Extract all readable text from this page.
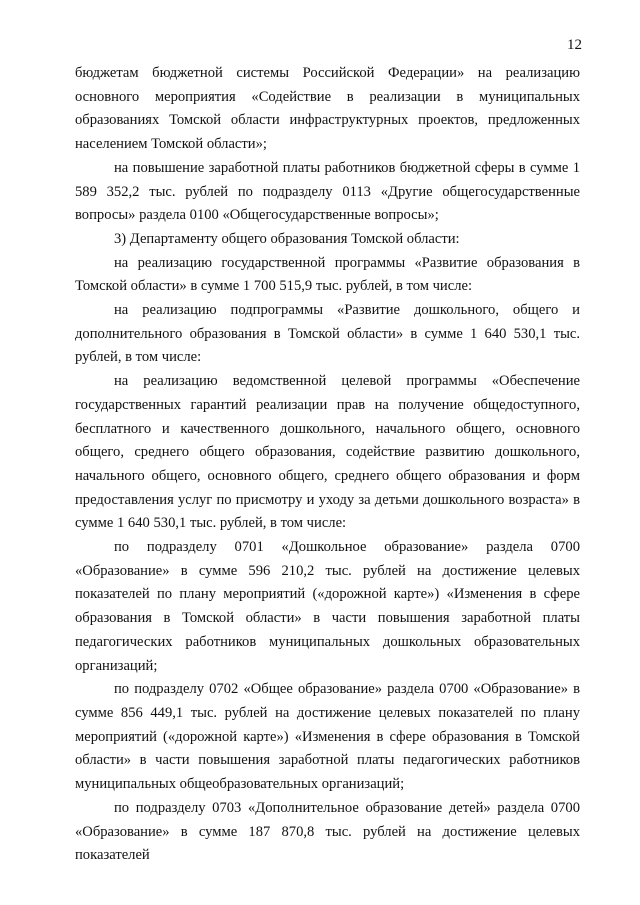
12

бюджетам бюджетной системы Российской Федерации» на реализацию основного мероприятия «Содействие в реализации в муниципальных образованиях Томской области инфраструктурных проектов, предложенных населением Томской области»;

на повышение заработной платы работников бюджетной сферы в сумме 1 589 352,2 тыс. рублей по подразделу 0113 «Другие общегосударственные вопросы» раздела 0100 «Общегосударственные вопросы»;

3) Департаменту общего образования Томской области:

на реализацию государственной программы «Развитие образования в Томской области» в сумме 1 700 515,9 тыс. рублей, в том числе:

на реализацию подпрограммы «Развитие дошкольного, общего и дополнительного образования в Томской области» в сумме 1 640 530,1 тыс. рублей, в том числе:

на реализацию ведомственной целевой программы «Обеспечение государственных гарантий реализации прав на получение общедоступного, бесплатного и качественного дошкольного, начального общего, основного общего, среднего общего образования, содействие развитию дошкольного, начального общего, основного общего, среднего общего образования и форм предоставления услуг по присмотру и уходу за детьми дошкольного возраста» в сумме 1 640 530,1 тыс. рублей, в том числе:

по подразделу 0701 «Дошкольное образование» раздела 0700 «Образование» в сумме 596 210,2 тыс. рублей на достижение целевых показателей по плану мероприятий («дорожной карте») «Изменения в сфере образования в Томской области» в части повышения заработной платы педагогических работников муниципальных дошкольных образовательных организаций;

по подразделу 0702 «Общее образование» раздела 0700 «Образование» в сумме 856 449,1 тыс. рублей на достижение целевых показателей по плану мероприятий («дорожной карте») «Изменения в сфере образования в Томской области» в части повышения заработной платы педагогических работников муниципальных общеобразовательных организаций;

по подразделу 0703 «Дополнительное образование детей» раздела 0700 «Образование» в сумме 187 870,8 тыс. рублей на достижение целевых показателей
